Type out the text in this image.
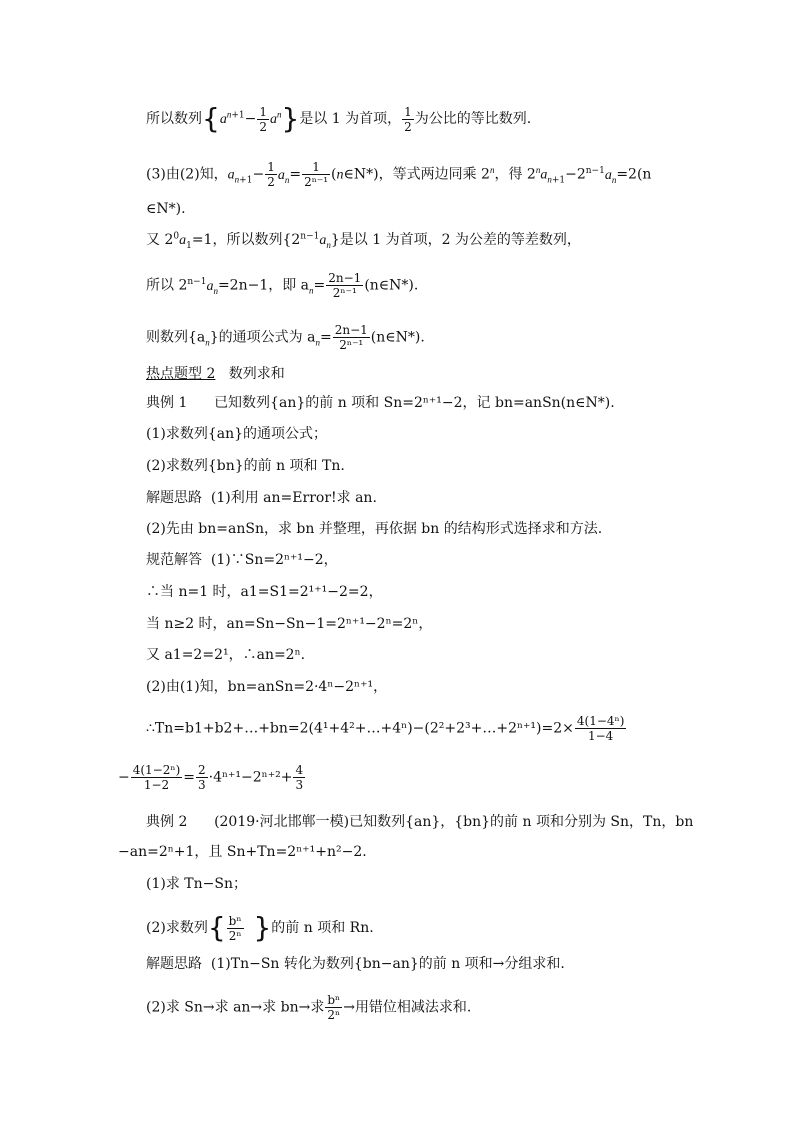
所以数列$\{a^{n+1}- \frac{1}{2} a^n\}$是以 1 为首项， $\frac{1}{2}$ 为公比的等比数列.
(3)由(2)知，$a_{n+1}- \frac{1}{2} a_n= \frac{1}{\text{2ⁿ⁻¹}}$ (n∈N*)，等式两边同乘 2$^n$，得 $2^na_{n+1}-2^{n-1}a_n=2(n$
∈N*).
又 $2^0a_1=1$，所以数列$\{2^{n-1}a_n\}$是以 1 为首项，2 为公差的等差数列，
所以 $2^{n-1}a_n=2n-1$，即 $a_n= \frac{2n-1}{\text{2ⁿ⁻¹}}$ (n∈N*).
则数列$\{a_n\}$的通项公式为 $a_n= \frac{2n-1}{\text{2ⁿ⁻¹}}$ (n∈N*).
热点题型 2 数列求和
典例 1 已知数列{an}的前 n 项和 Sn=2ⁿ⁺¹−2，记 bn=anSn(n∈N*).
(1)求数列{an}的通项公式；
(2)求数列{bn}的前 n 项和 Tn.
解题思路 (1)利用 an=Error!求 an.
(2)先由 bn=anSn，求 bn 并整理，再依据 bn 的结构形式选择求和方法.
规范解答 (1)∵Sn=2ⁿ⁺¹−2，
∴当 n=1 时，a1=S1=2¹⁺¹−2=2，
当 n≥2 时，an=Sn−Sn−1=2ⁿ⁺¹−2ⁿ=2ⁿ，
又 a1=2=2¹，∴an=2ⁿ.
(2)由(1)知，bn=anSn=2·4ⁿ−2ⁿ⁺¹，
∴Tn=b1+b2+…+bn=2(4¹+4²+…+4ⁿ)−(2²+2³+…+2ⁿ⁺¹)=2× $\frac{\text{4(1−4ⁿ)}}{1-4}$
− $\frac{\text{4(1−2ⁿ)}}{1-2} = \frac{2}{3} \cdot 4^{n+1}-2^{n+2}+ \frac{4}{3}$
典例 2 (2019·河北邯郸一模)已知数列{an}，{bn}的前 n 项和分别为 Sn，Tn，bn
−an=2ⁿ+1，且 Sn+Tn=2ⁿ⁺¹+n²−2.
(1)求 Tn−Sn；
(2)求数列{ $\frac{\text{bⁿ}}{\text{2ⁿ}}$ }的前 n 项和 Rn.
解题思路 (1)Tn−Sn 转化为数列{bn−an}的前 n 项和→分组求和.
(2)求 Sn→求 an→求 bn→求 $\frac{\text{bⁿ}}{\text{2ⁿ}}$ →用错位相减法求和.
